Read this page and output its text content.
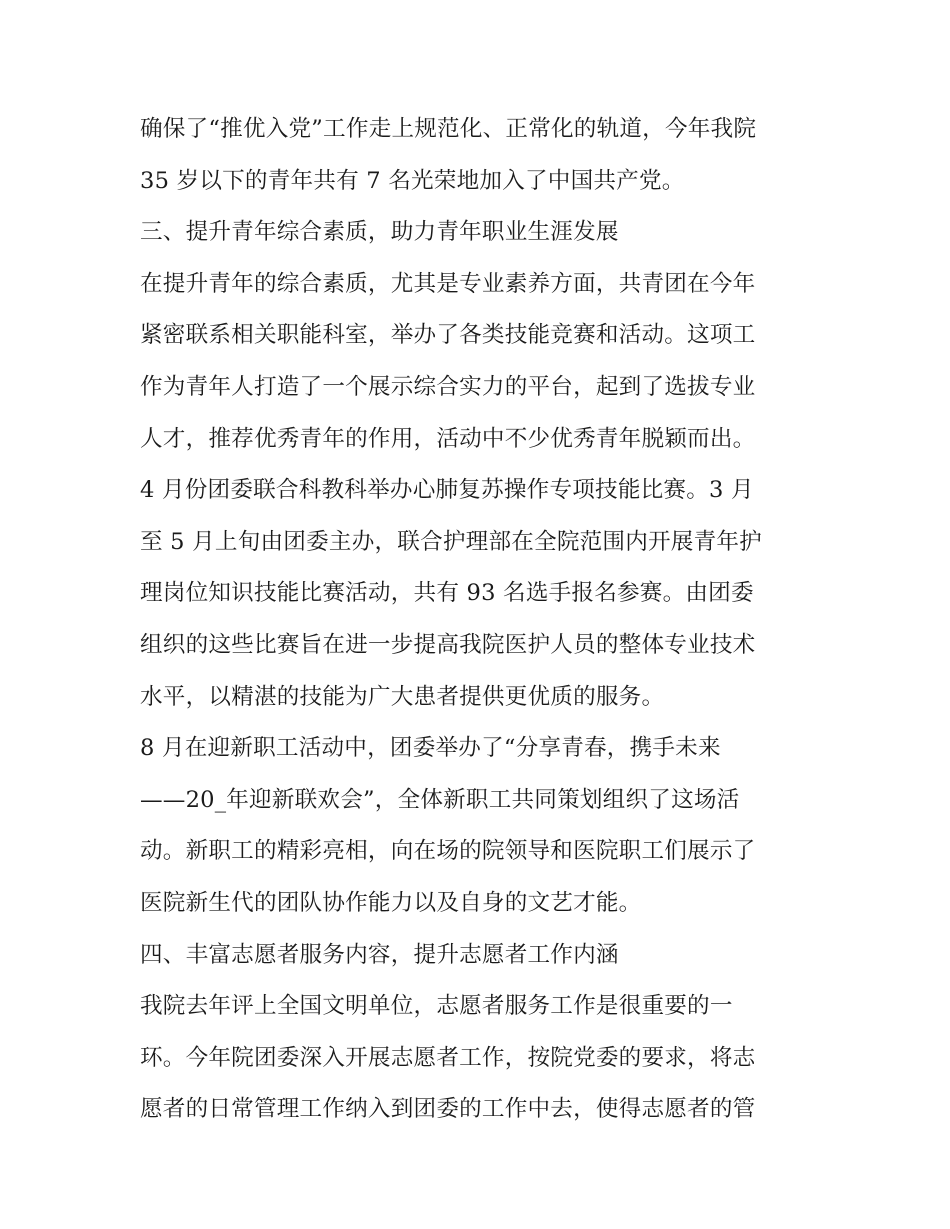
确保了“推优入党”工作走上规范化、正常化的轨道，今年我院
35 岁以下的青年共有 7 名光荣地加入了中国共产党。
三、提升青年综合素质，助力青年职业生涯发展
在提升青年的综合素质，尤其是专业素养方面，共青团在今年
紧密联系相关职能科室，举办了各类技能竞赛和活动。这项工
作为青年人打造了一个展示综合实力的平台，起到了选拔专业
人才，推荐优秀青年的作用，活动中不少优秀青年脱颖而出。
4 月份团委联合科教科举办心肺复苏操作专项技能比赛。3 月
至 5 月上旬由团委主办，联合护理部在全院范围内开展青年护
理岗位知识技能比赛活动，共有 93 名选手报名参赛。由团委
组织的这些比赛旨在进一步提高我院医护人员的整体专业技术
水平，以精湛的技能为广大患者提供更优质的服务。
8 月在迎新职工活动中，团委举办了“分享青春，携手未来
——20_年迎新联欢会”，全体新职工共同策划组织了这场活
动。新职工的精彩亮相，向在场的院领导和医院职工们展示了
医院新生代的团队协作能力以及自身的文艺才能。
四、丰富志愿者服务内容，提升志愿者工作内涵
我院去年评上全国文明单位，志愿者服务工作是很重要的一
环。今年院团委深入开展志愿者工作，按院党委的要求，将志
愿者的日常管理工作纳入到团委的工作中去，使得志愿者的管
